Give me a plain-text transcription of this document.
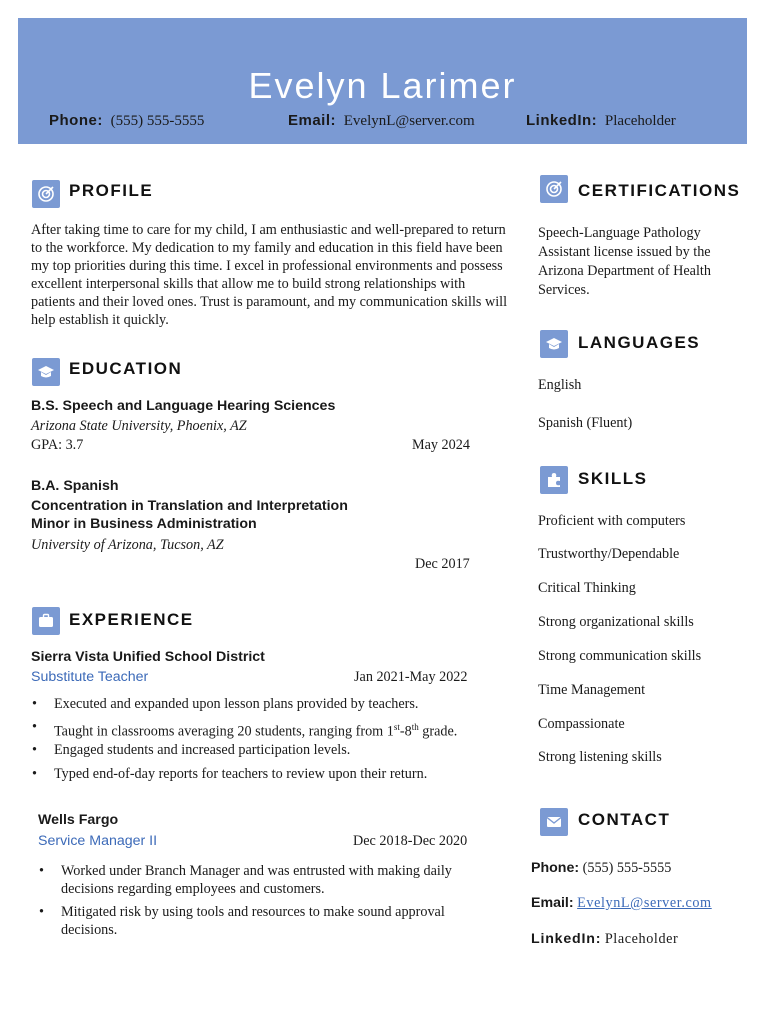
Evelyn Larimer
Phone: (555) 555-5555	Email: EvelynL@server.com	LinkedIn: Placeholder
PROFILE
After taking time to care for my child, I am enthusiastic and well-prepared to return to the workforce. My dedication to my family and education in this field have been my top priorities during this time. I excel in professional environments and possess excellent interpersonal skills that allow me to build strong relationships with patients and their loved ones. Trust is paramount, and my communication skills will help establish it quickly.
EDUCATION
B.S. Speech and Language Hearing Sciences
Arizona State University, Phoenix, AZ
GPA: 3.7	May 2024
B.A. Spanish
Concentration in Translation and Interpretation
Minor in Business Administration
University of Arizona, Tucson, AZ
Dec 2017
EXPERIENCE
Sierra Vista Unified School District
Substitute Teacher	Jan 2021-May 2022
• Executed and expanded upon lesson plans provided by teachers.
• Taught in classrooms averaging 20 students, ranging from 1st-8th grade.
• Engaged students and increased participation levels.
• Typed end-of-day reports for teachers to review upon their return.
Wells Fargo
Service Manager II	Dec 2018-Dec 2020
• Worked under Branch Manager and was entrusted with making daily decisions regarding employees and customers.
• Mitigated risk by using tools and resources to make sound approval decisions.
CERTIFICATIONS
Speech-Language Pathology Assistant license issued by the Arizona Department of Health Services.
LANGUAGES
English
Spanish (Fluent)
SKILLS
Proficient with computers
Trustworthy/Dependable
Critical Thinking
Strong organizational skills
Strong communication skills
Time Management
Compassionate
Strong listening skills
CONTACT
Phone: (555) 555-5555
Email: EvelynL@server.com
LinkedIn: Placeholder
